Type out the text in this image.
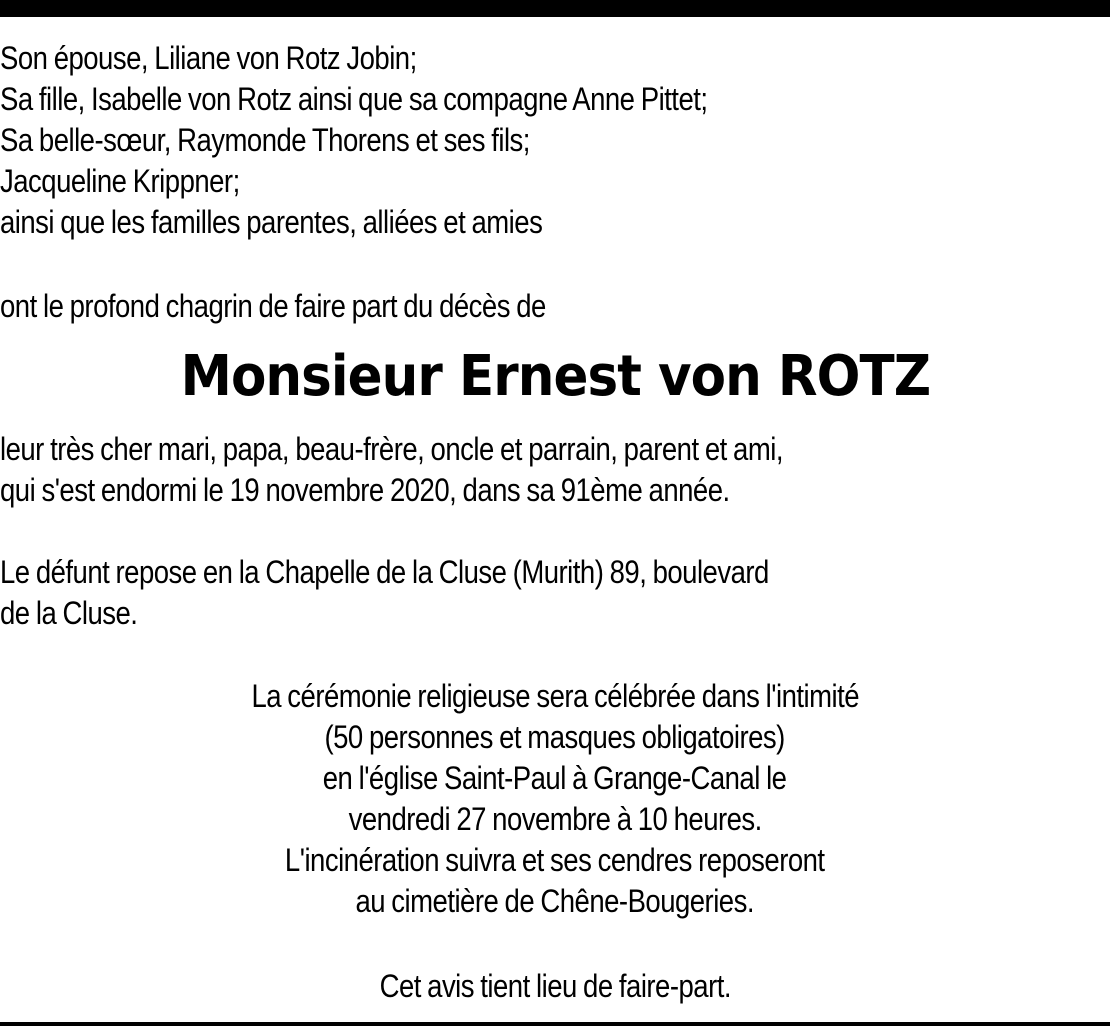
Son épouse, Liliane von Rotz Jobin;
Sa fille, Isabelle von Rotz ainsi que sa compagne Anne Pittet;
Sa belle-sœur, Raymonde Thorens et ses fils;
Jacqueline Krippner;
ainsi que les familles parentes, alliées et amies
ont le profond chagrin de faire part du décès de
Monsieur Ernest von ROTZ
leur très cher mari, papa, beau-frère, oncle et parrain, parent et ami,
qui s'est endormi le 19 novembre 2020, dans sa 91ème année.
Le défunt repose en la Chapelle de la Cluse (Murith) 89, boulevard
de la Cluse.
La cérémonie religieuse sera célébrée dans l'intimité
(50 personnes et masques obligatoires)
en l'église Saint-Paul à Grange-Canal le
vendredi 27 novembre à 10 heures.
L'incinération suivra et ses cendres reposeront
au cimetière de Chêne-Bougeries.
Cet avis tient lieu de faire-part.
